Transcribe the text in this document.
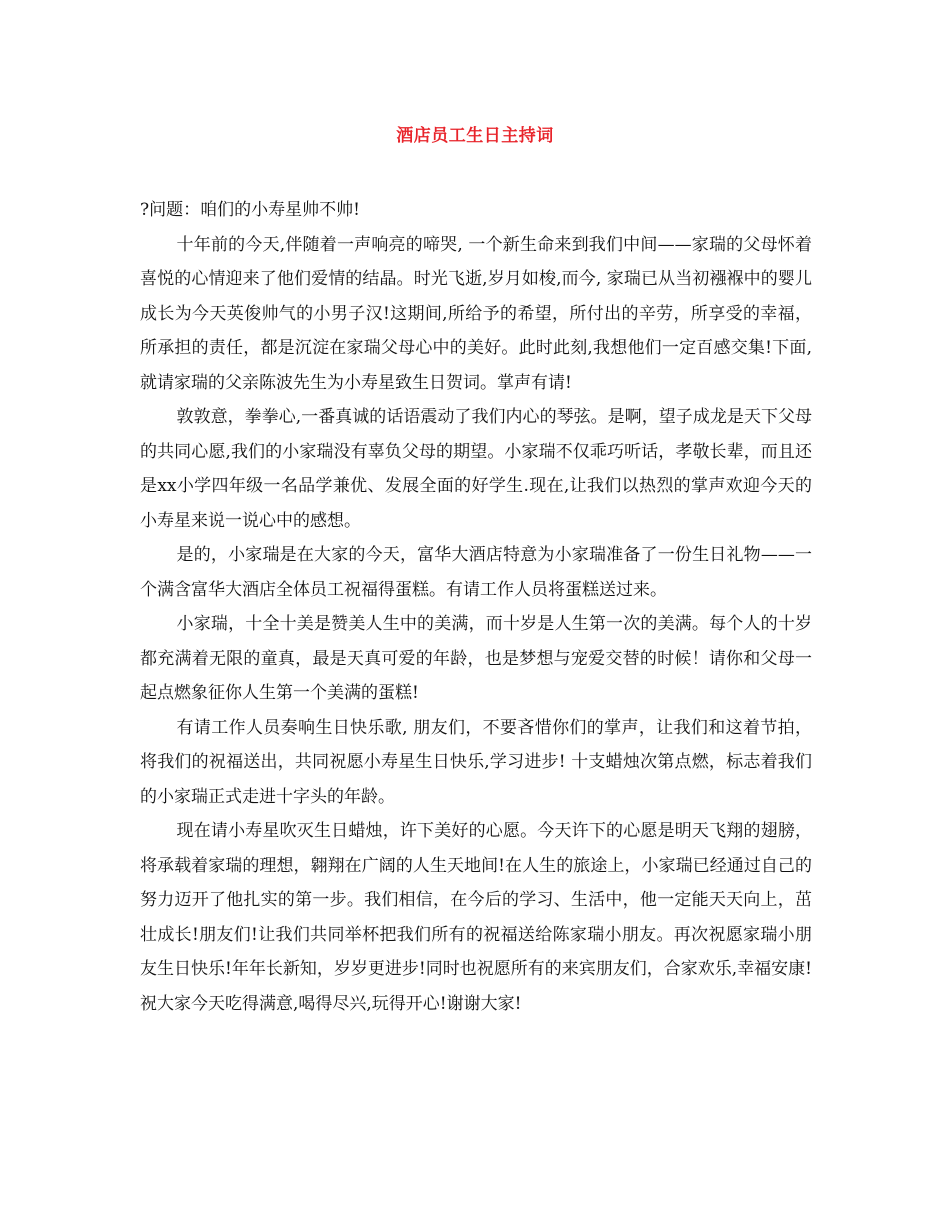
酒店员工生日主持词

?问题：咱们的小寿星帅不帅!

十年前的今天,伴随着一声响亮的啼哭, 一个新生命来到我们中间——家瑞的父母怀着喜悦的心情迎来了他们爱情的结晶。时光飞逝,岁月如梭,而今, 家瑞已从当初襁褓中的婴儿成长为今天英俊帅气的小男子汉!这期间,所给予的希望，所付出的辛劳，所享受的幸福，所承担的责任，都是沉淀在家瑞父母心中的美好。此时此刻,我想他们一定百感交集!下面,就请家瑞的父亲陈波先生为小寿星致生日贺词。掌声有请!

敦敦意，拳拳心,一番真诚的话语震动了我们内心的琴弦。是啊，望子成龙是天下父母的共同心愿,我们的小家瑞没有辜负父母的期望。小家瑞不仅乖巧听话，孝敬长辈，而且还是xx小学四年级一名品学兼优、发展全面的好学生.现在,让我们以热烈的掌声欢迎今天的小寿星来说一说心中的感想。

是的，小家瑞是在大家的今天，富华大酒店特意为小家瑞准备了一份生日礼物——一个满含富华大酒店全体员工祝福得蛋糕。有请工作人员将蛋糕送过来。

小家瑞，十全十美是赞美人生中的美满，而十岁是人生第一次的美满。每个人的十岁都充满着无限的童真，最是天真可爱的年龄，也是梦想与宠爱交替的时候！请你和父母一起点燃象征你人生第一个美满的蛋糕!

有请工作人员奏响生日快乐歌, 朋友们，不要吝惜你们的掌声，让我们和这着节拍，将我们的祝福送出，共同祝愿小寿星生日快乐,学习进步! 十支蜡烛次第点燃，标志着我们的小家瑞正式走进十字头的年龄。

现在请小寿星吹灭生日蜡烛，许下美好的心愿。今天许下的心愿是明天飞翔的翅膀，将承载着家瑞的理想，翱翔在广阔的人生天地间!在人生的旅途上，小家瑞已经通过自己的努力迈开了他扎实的第一步。我们相信，在今后的学习、生活中，他一定能天天向上，茁壮成长!朋友们!让我们共同举杯把我们所有的祝福送给陈家瑞小朋友。再次祝愿家瑞小朋友生日快乐!年年长新知，岁岁更进步!同时也祝愿所有的来宾朋友们，合家欢乐,幸福安康!祝大家今天吃得满意,喝得尽兴,玩得开心!谢谢大家!
